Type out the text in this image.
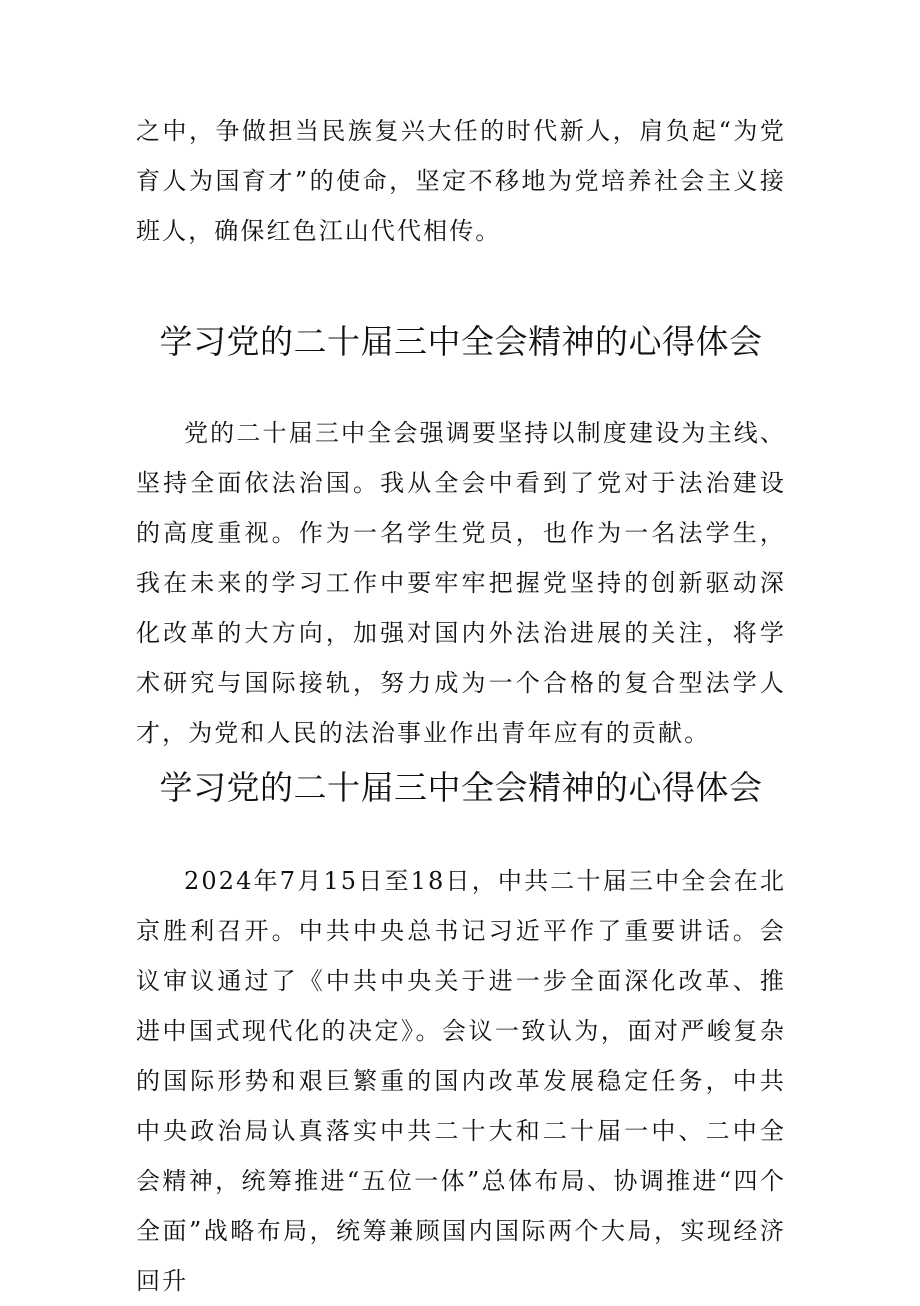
之中，争做担当民族复兴大任的时代新人，肩负起“为党育人为国育才”的使命，坚定不移地为党培养社会主义接班人，确保红色江山代代相传。

学习党的二十届三中全会精神的心得体会

党的二十届三中全会强调要坚持以制度建设为主线、坚持全面依法治国。我从全会中看到了党对于法治建设的高度重视。作为一名学生党员，也作为一名法学生，我在未来的学习工作中要牢牢把握党坚持的创新驱动深化改革的大方向，加强对国内外法治进展的关注，将学术研究与国际接轨，努力成为一个合格的复合型法学人才，为党和人民的法治事业作出青年应有的贡献。

学习党的二十届三中全会精神的心得体会

2024年7月15日至18日，中共二十届三中全会在北京胜利召开。中共中央总书记习近平作了重要讲话。会议审议通过了《中共中央关于进一步全面深化改革、推进中国式现代化的决定》。会议一致认为，面对严峻复杂的国际形势和艰巨繁重的国内改革发展稳定任务，中共中央政治局认真落实中共二十大和二十届一中、二中全会精神，统筹推进“五位一体”总体布局、协调推进“四个全面”战略布局，统筹兼顾国内国际两个大局，实现经济回升
